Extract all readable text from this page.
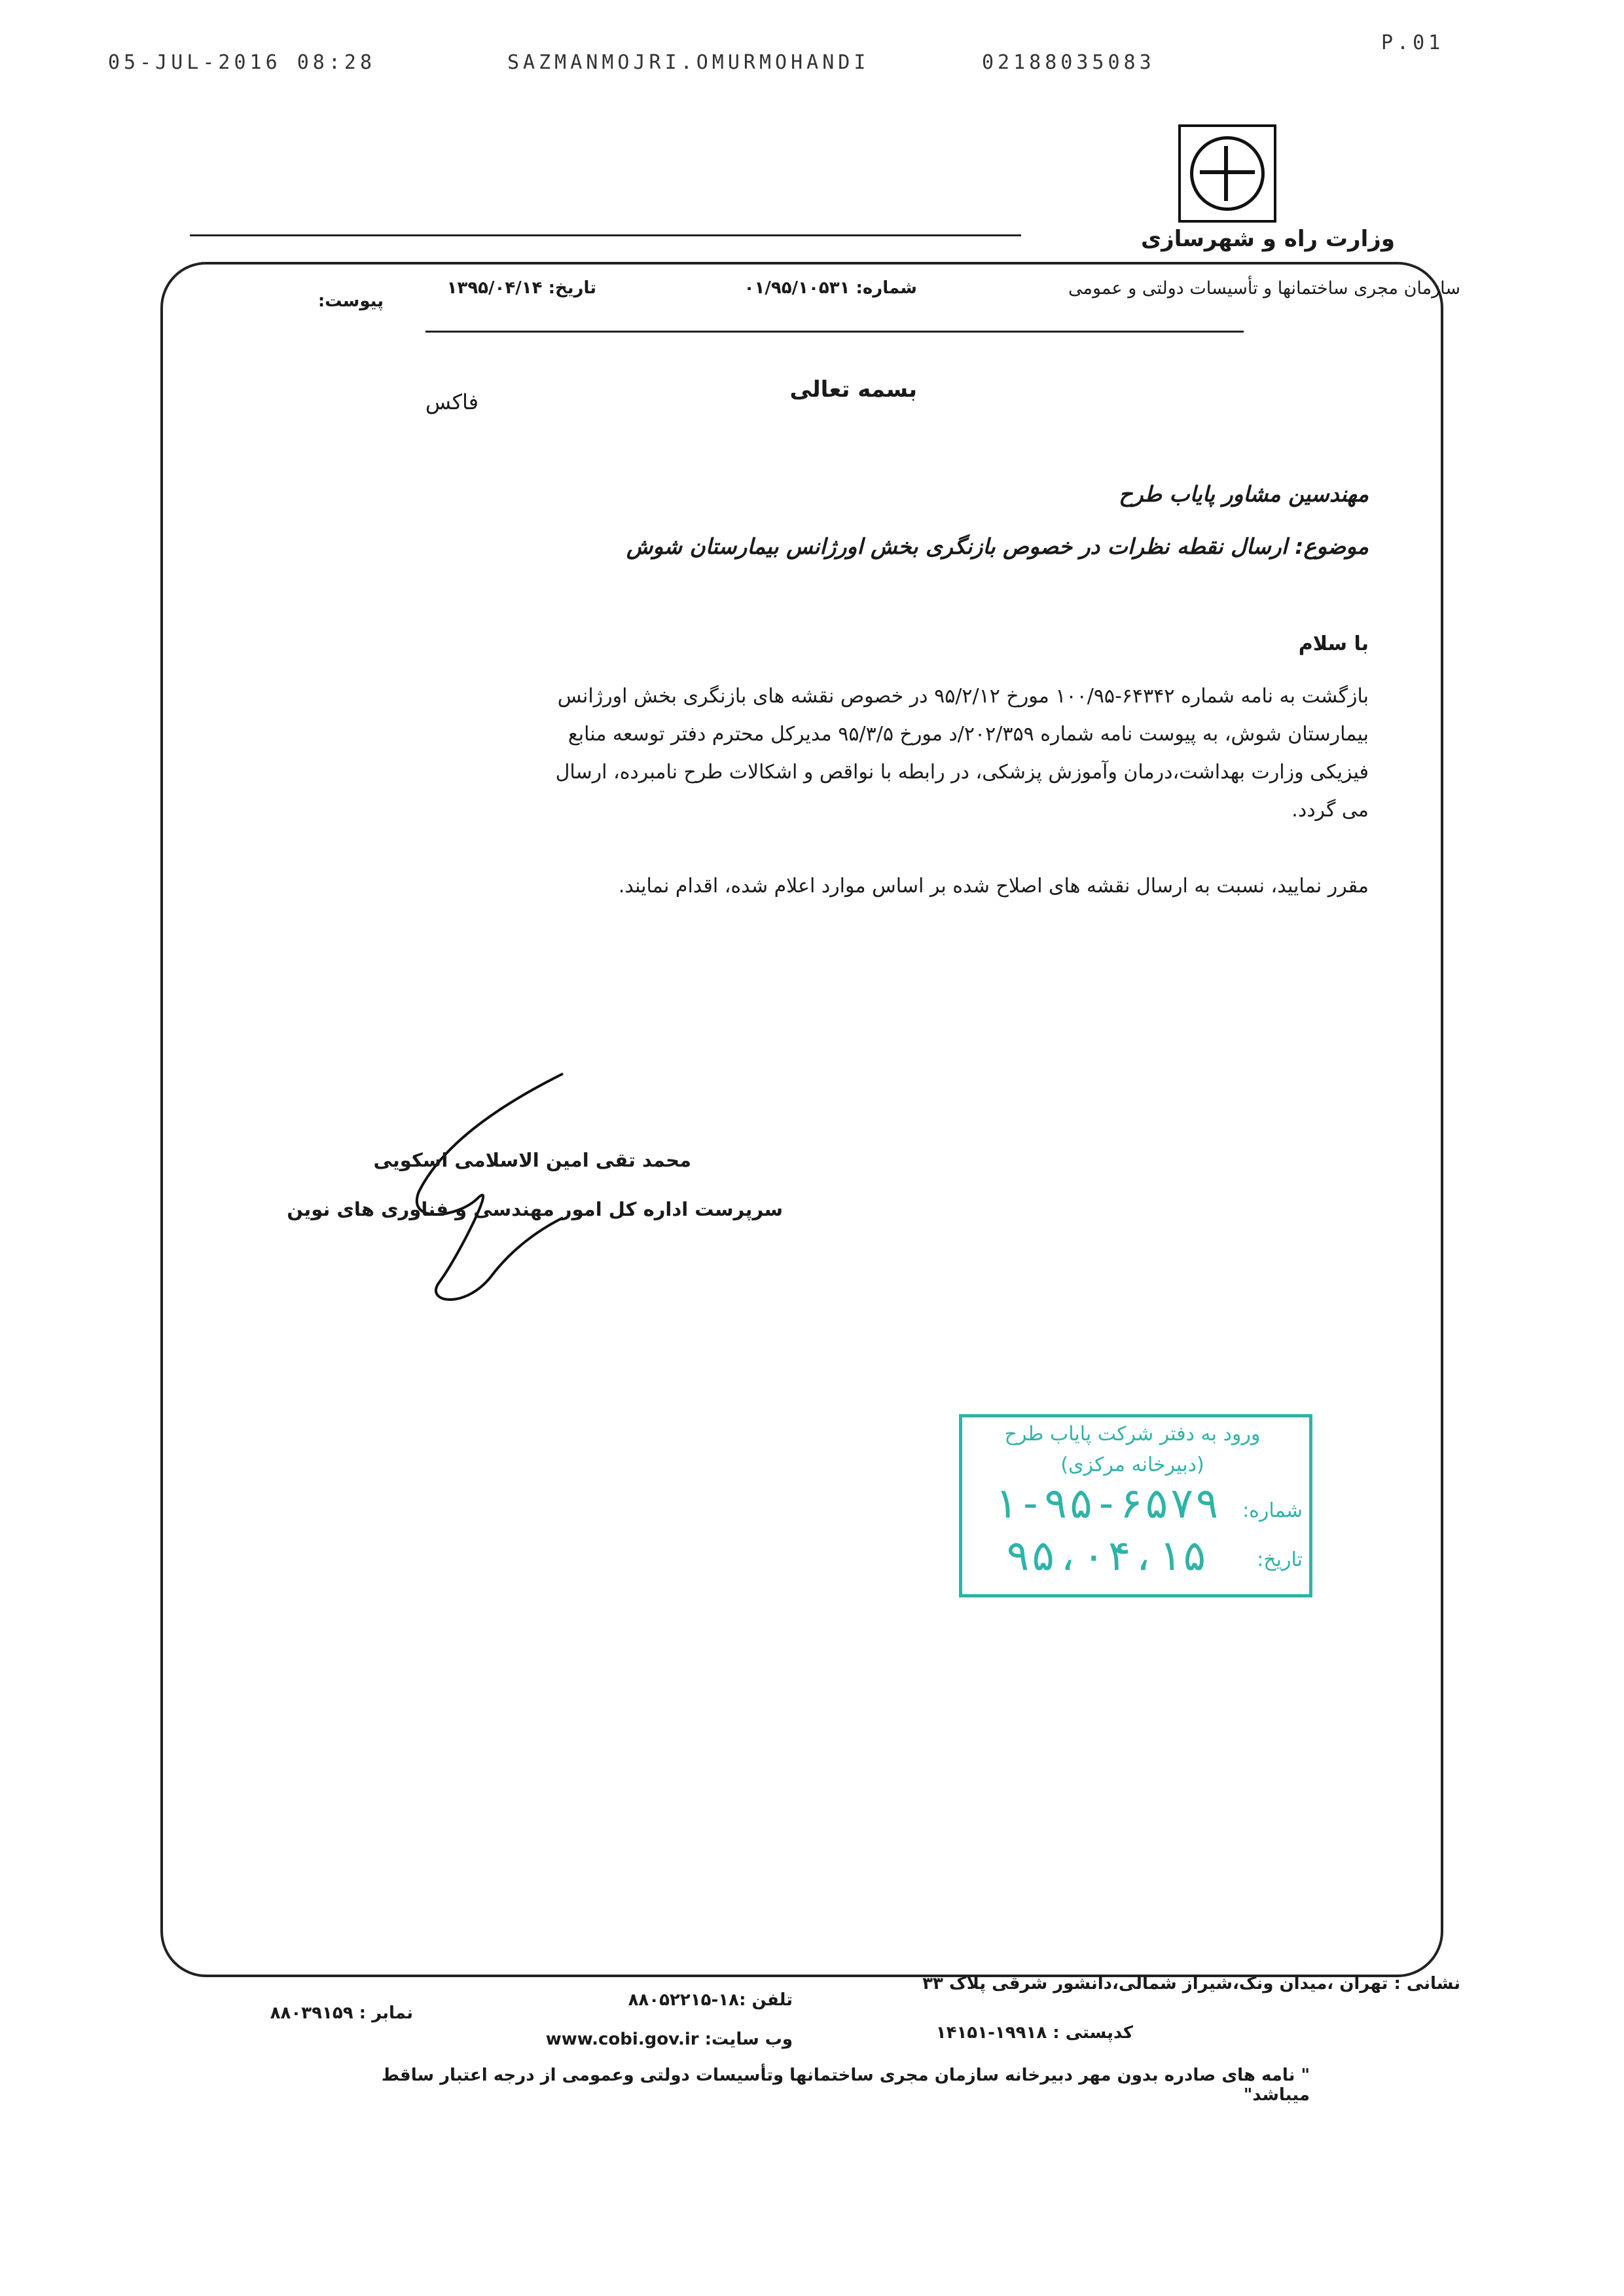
05-JUL-2016 08:28	SAZMANMOJRI.OMURMOHANDI	02188035083
P.01
وزارت راه و شهرسازی
سازمان مجری ساختمانها و تأسیسات دولتی و عمومی
شماره: ۰۱/۹۵/۱۰۵۳۱
تاریخ: ۱۳۹۵/۰۴/۱۴
پیوست:
بسمه تعالی
فاکس
مهندسین مشاور پایاب طرح
موضوع: ارسال نقطه نظرات در خصوص بازنگری بخش اورژانس بیمارستان شوش
با سلام
بازگشت به نامه شماره ۶۴۳۴۲-۱۰۰/۹۵ مورخ ۹۵/۲/۱۲ در خصوص نقشه های بازنگری بخش اورژانس
بیمارستان شوش، به پیوست نامه شماره ۲۰۲/۳۵۹/د مورخ ۹۵/۳/۵ مدیرکل محترم دفتر توسعه منابع
فیزیکی وزارت بهداشت،درمان وآموزش پزشکی، در رابطه با نواقص و اشکالات طرح نامبرده، ارسال
می گردد.
مقرر نمایید، نسبت به ارسال نقشه های اصلاح شده بر اساس موارد اعلام شده، اقدام نمایند.
محمد تقی امین الاسلامی اسکویی
سرپرست اداره کل امور مهندسی و فناوری های نوین
ورود به دفتر شرکت پایاب طرح
(دبیرخانه مرکزی)
شماره:
۱-۹۵-۶۵۷۹
تاریخ:
۹۵،۰۴،۱۵
نشانی : تهران ،میدان ونک،شیراز شمالی،دانشور شرقی پلاک ۳۳
تلفن :۱۸-۸۸۰۵۲۲۱۵
نمابر : ۸۸۰۳۹۱۵۹
کدپستی : ۱۹۹۱۸-۱۴۱۵۱
وب سایت: www.cobi.gov.ir
" نامه های صادره بدون مهر دبیرخانه سازمان مجری ساختمانها وتأسیسات دولتی وعمومی از درجه اعتبار ساقط میباشد"
